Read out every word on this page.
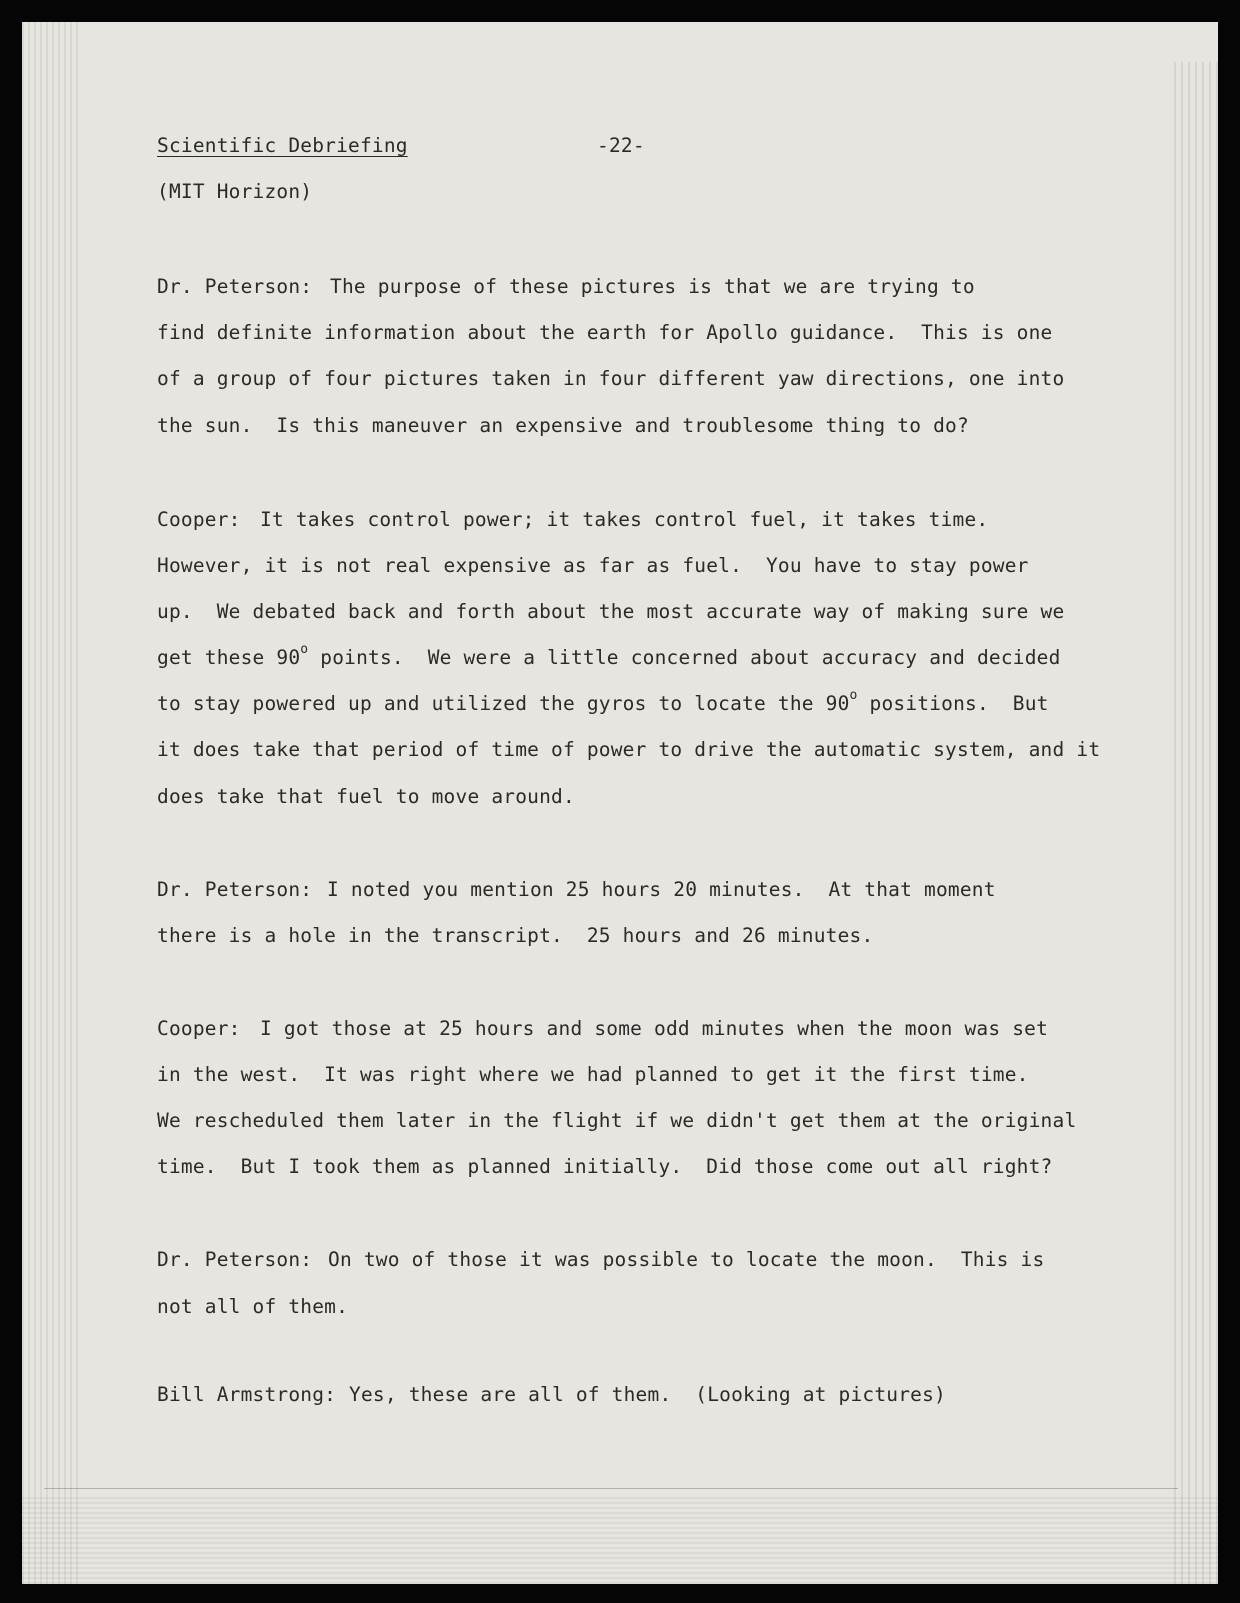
Scientific Debriefing	-22-
(MIT Horizon)
Dr. Peterson: The purpose of these pictures is that we are trying to
find definite information about the earth for Apollo guidance.  This is one
of a group of four pictures taken in four different yaw directions, one into
the sun.  Is this maneuver an expensive and troublesome thing to do?
Cooper: It takes control power; it takes control fuel, it takes time.
However, it is not real expensive as far as fuel.  You have to stay power
up.  We debated back and forth about the most accurate way of making sure we
get these 90$^o$ points.  We were a little concerned about accuracy and decided
to stay powered up and utilized the gyros to locate the 90$^o$ positions.  But
it does take that period of time of power to drive the automatic system, and it
does take that fuel to move around.
Dr. Peterson: I noted you mention 25 hours 20 minutes.  At that moment
there is a hole in the transcript.  25 hours and 26 minutes.
Cooper: I got those at 25 hours and some odd minutes when the moon was set
in the west.  It was right where we had planned to get it the first time.
We rescheduled them later in the flight if we didn't get them at the original
time.  But I took them as planned initially.  Did those come out all right?
Dr. Peterson: On two of those it was possible to locate the moon.  This is
not all of them.
Bill Armstrong: Yes, these are all of them.  (Looking at pictures)
